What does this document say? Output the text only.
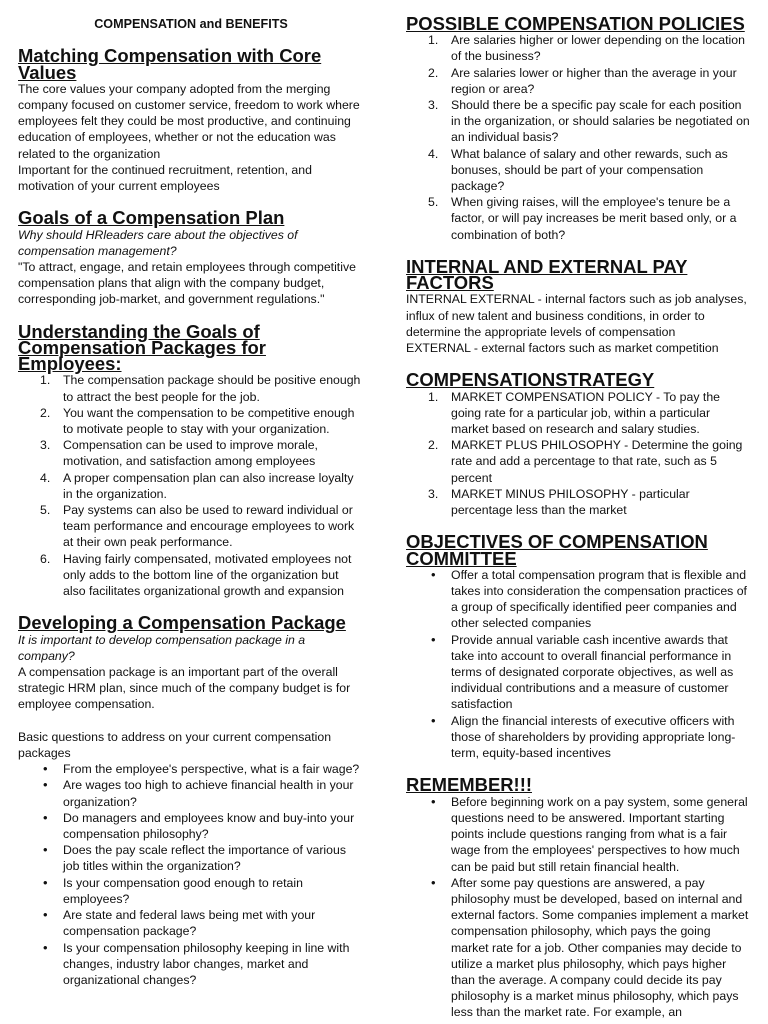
COMPENSATION and BENEFITS
Matching Compensation with Core Values

The core values your company adopted from the merging company focused on customer service, freedom to work where employees felt they could be most productive, and continuing education of employees, whether or not the education was related to the organization

Important for the continued recruitment, retention, and motivation of your current employees

Goals of a Compensation Plan

Why should HRleaders care about the objectives of compensation management?

"To attract, engage, and retain employees through competitive compensation plans that align with the company budget, corresponding job-market, and government regulations."

Understanding the Goals of Compensation Packages for Employees:
1. The compensation package should be positive enough to attract the best people for the job.
2. You want the compensation to be competitive enough to motivate people to stay with your organization.
3. Compensation can be used to improve morale, motivation, and satisfaction among employees
4. A proper compensation plan can also increase loyalty in the organization.
5. Pay systems can also be used to reward individual or team performance and encourage employees to work at their own peak performance.
6. Having fairly compensated, motivated employees not only adds to the bottom line of the organization but also facilitates organizational growth and expansion
Developing a Compensation Package

It is important to develop compensation package in a company?

A compensation package is an important part of the overall strategic HRM plan, since much of the company budget is for employee compensation.

Basic questions to address on your current compensation packages

• From the employee's perspective, what is a fair wage?
• Are wages too high to achieve financial health in your organization?
• Do managers and employees know and buy-into your compensation philosophy?
• Does the pay scale reflect the importance of various job titles within the organization?
• Is your compensation good enough to retain employees?
• Are state and federal laws being met with your compensation package?
• Is your compensation philosophy keeping in line with changes, industry labor changes, market and organizational changes?
POSSIBLE COMPENSATION POLICIES
1. Are salaries higher or lower depending on the location of the business?
2. Are salaries lower or higher than the average in your region or area?
3. Should there be a specific pay scale for each position in the organization, or should salaries be negotiated on an individual basis?
4. What balance of salary and other rewards, such as bonuses, should be part of your compensation package?
5. When giving raises, will the employee's tenure be a factor, or will pay increases be merit based only, or a combination of both?
INTERNAL AND EXTERNAL PAY FACTORS

INTERNAL EXTERNAL - internal factors such as job analyses, influx of new talent and business conditions, in order to determine the appropriate levels of compensation

EXTERNAL - external factors such as market competition

COMPENSATIONSTRATEGY
1. MARKET COMPENSATION POLICY - To pay the going rate for a particular job, within a particular market based on research and salary studies.
2. MARKET PLUS PHILOSOPHY - Determine the going rate and add a percentage to that rate, such as 5 percent
3. MARKET MINUS PHILOSOPHY - particular percentage less than the market
OBJECTIVES OF COMPENSATION COMMITTEE
• Offer a total compensation program that is flexible and takes into consideration the compensation practices of a group of specifically identified peer companies and other selected companies
• Provide annual variable cash incentive awards that take into account to overall financial performance in terms of designated corporate objectives, as well as individual contributions and a measure of customer satisfaction
• Align the financial interests of executive officers with those of shareholders by providing appropriate long-term, equity-based incentives
REMEMBER!!!
• Before beginning work on a pay system, some general questions need to be answered. Important starting points include questions ranging from what is a fair wage from the employees' perspectives to how much can be paid but still retain financial health.
• After some pay questions are answered, a pay philosophy must be developed, based on internal and external factors. Some companies implement a market compensation philosophy, which pays the going market rate for a job. Other companies may decide to utilize a market plus philosophy, which pays higher than the average. A company could decide its pay philosophy is a market minus philosophy, which pays less than the market rate. For example, an
